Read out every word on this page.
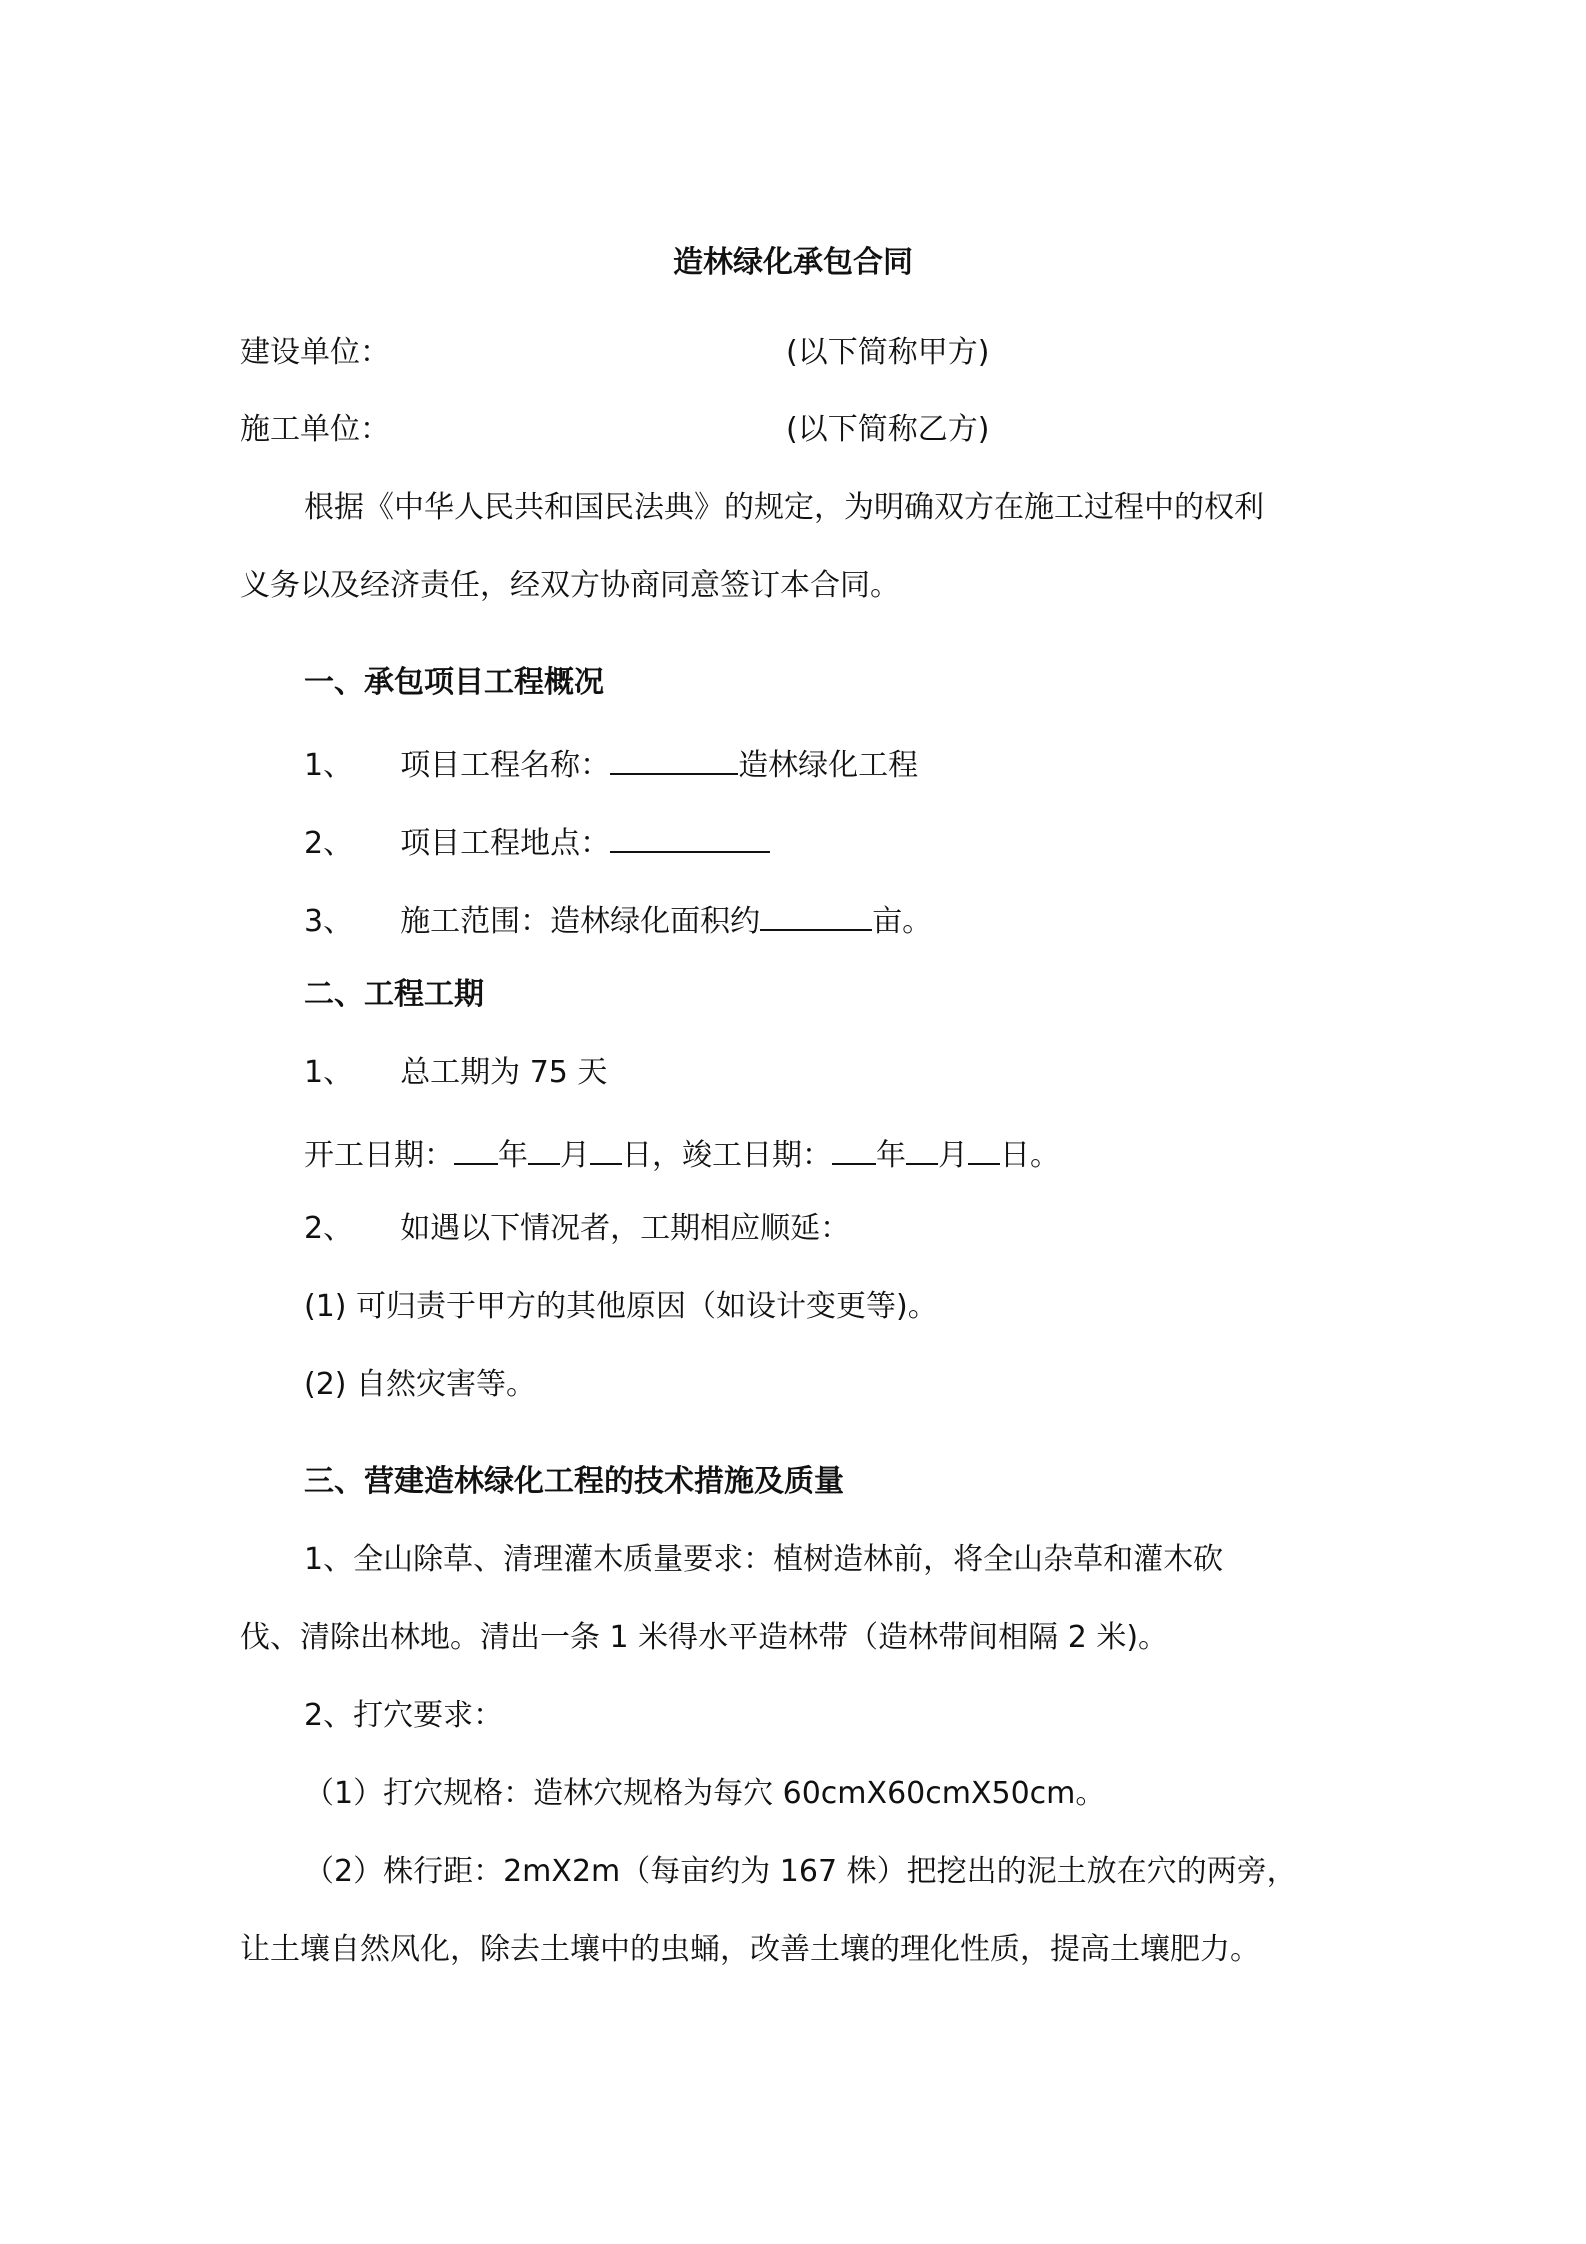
造林绿化承包合同
建设单位：	(以下简称甲方)
施工单位：	(以下简称乙方)
根据《中华人民共和国民法典》的规定，为明确双方在施工过程中的权利
义务以及经济责任，经双方协商同意签订本合同。
一、承包项目工程概况
1、 项目工程名称：	造林绿化工程
2、 项目工程地点：
3、 施工范围：造林绿化面积约	亩。
二、工程工期
1、 总工期为 75 天
开工日期： 年 月 日，竣工日期： 年 月 日。
2、 如遇以下情况者，工期相应顺延：
(1) 可归责于甲方的其他原因（如设计变更等)。
(2) 自然灾害等。
三、营建造林绿化工程的技术措施及质量
1、全山除草、清理灌木质量要求：植树造林前，将全山杂草和灌木砍
伐、清除出林地。清出一条 1 米得水平造林带（造林带间相隔 2 米)。
2、打穴要求：
（1）打穴规格：造林穴规格为每穴 60cmX60cmX50cm。
（2）株行距：2mX2m（每亩约为 167 株）把挖出的泥土放在穴的两旁，
让土壤自然风化，除去土壤中的虫蛹，改善土壤的理化性质，提高土壤肥力。
